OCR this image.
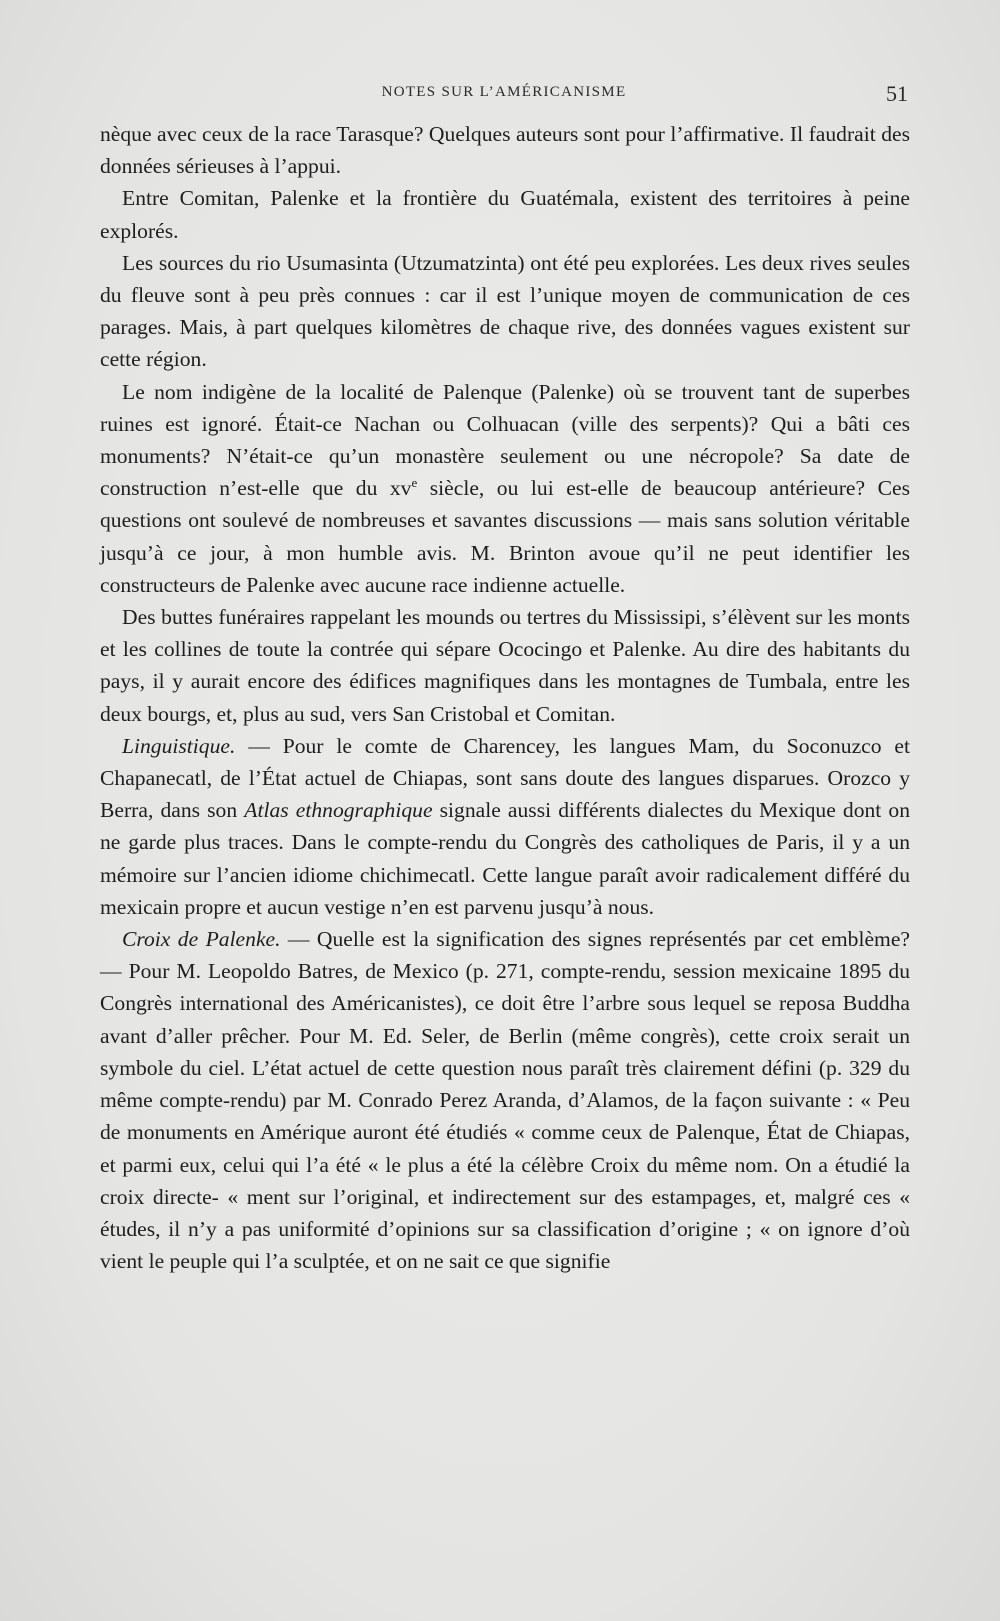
NOTES SUR L’AMÉRICANISME	51

nèque avec ceux de la race Tarasque? Quelques auteurs sont pour l’affirmative. Il faudrait des données sérieuses à l’appui.

Entre Comitan, Palenke et la frontière du Guatémala, existent des territoires à peine explorés.

Les sources du rio Usumasinta (Utzumatzinta) ont été peu explorées. Les deux rives seules du fleuve sont à peu près connues : car il est l’unique moyen de communication de ces parages. Mais, à part quelques kilomètres de chaque rive, des données vagues existent sur cette région.

Le nom indigène de la localité de Palenque (Palenke) où se trouvent tant de superbes ruines est ignoré. Était-ce Nachan ou Colhuacan (ville des serpents)? Qui a bâti ces monuments? N’était-ce qu’un monastère seulement ou une nécropole? Sa date de construction n’est-elle que du $xv^e$ siècle, ou lui est-elle de beaucoup antérieure? Ces questions ont soulevé de nombreuses et savantes discussions — mais sans solution véritable jusqu’à ce jour, à mon humble avis. M. Brinton avoue qu’il ne peut identifier les constructeurs de Palenke avec aucune race indienne actuelle.

Des buttes funéraires rappelant les mounds ou tertres du Mississipi, s’élèvent sur les monts et les collines de toute la contrée qui sépare Ococingo et Palenke. Au dire des habitants du pays, il y aurait encore des édifices magnifiques dans les montagnes de Tumbala, entre les deux bourgs, et, plus au sud, vers San Cristobal et Comitan.

Linguistique. — Pour le comte de Charencey, les langues Mam, du Soconuzco et Chapanecatl, de l’État actuel de Chiapas, sont sans doute des langues disparues. Orozco y Berra, dans son Atlas ethnographique signale aussi différents dialectes du Mexique dont on ne garde plus traces. Dans le compte-rendu du Congrès des catholiques de Paris, il y a un mémoire sur l’ancien idiome chichimecatl. Cette langue paraît avoir radicalement différé du mexicain propre et aucun vestige n’en est parvenu jusqu’à nous.

Croix de Palenke. — Quelle est la signification des signes représentés par cet emblème? — Pour M. Leopoldo Batres, de Mexico (p. 271, compte-rendu, session mexicaine 1895 du Congrès international des Américanistes), ce doit être l’arbre sous lequel se reposa Buddha avant d’aller prêcher. Pour M. Ed. Seler, de Berlin (même congrès), cette croix serait un symbole du ciel. L’état actuel de cette question nous paraît très clairement défini (p. 329 du même compte-rendu) par M. Conrado Perez Aranda, d’Alamos, de la façon suivante : « Peu de monuments en Amérique auront été étudiés « comme ceux de Palenque, État de Chiapas, et parmi eux, celui qui l’a été « le plus a été la célèbre Croix du même nom. On a étudié la croix directe- « ment sur l’original, et indirectement sur des estampages, et, malgré ces « études, il n’y a pas uniformité d’opinions sur sa classification d’origine ; « on ignore d’où vient le peuple qui l’a sculptée, et on ne sait ce que signifie
